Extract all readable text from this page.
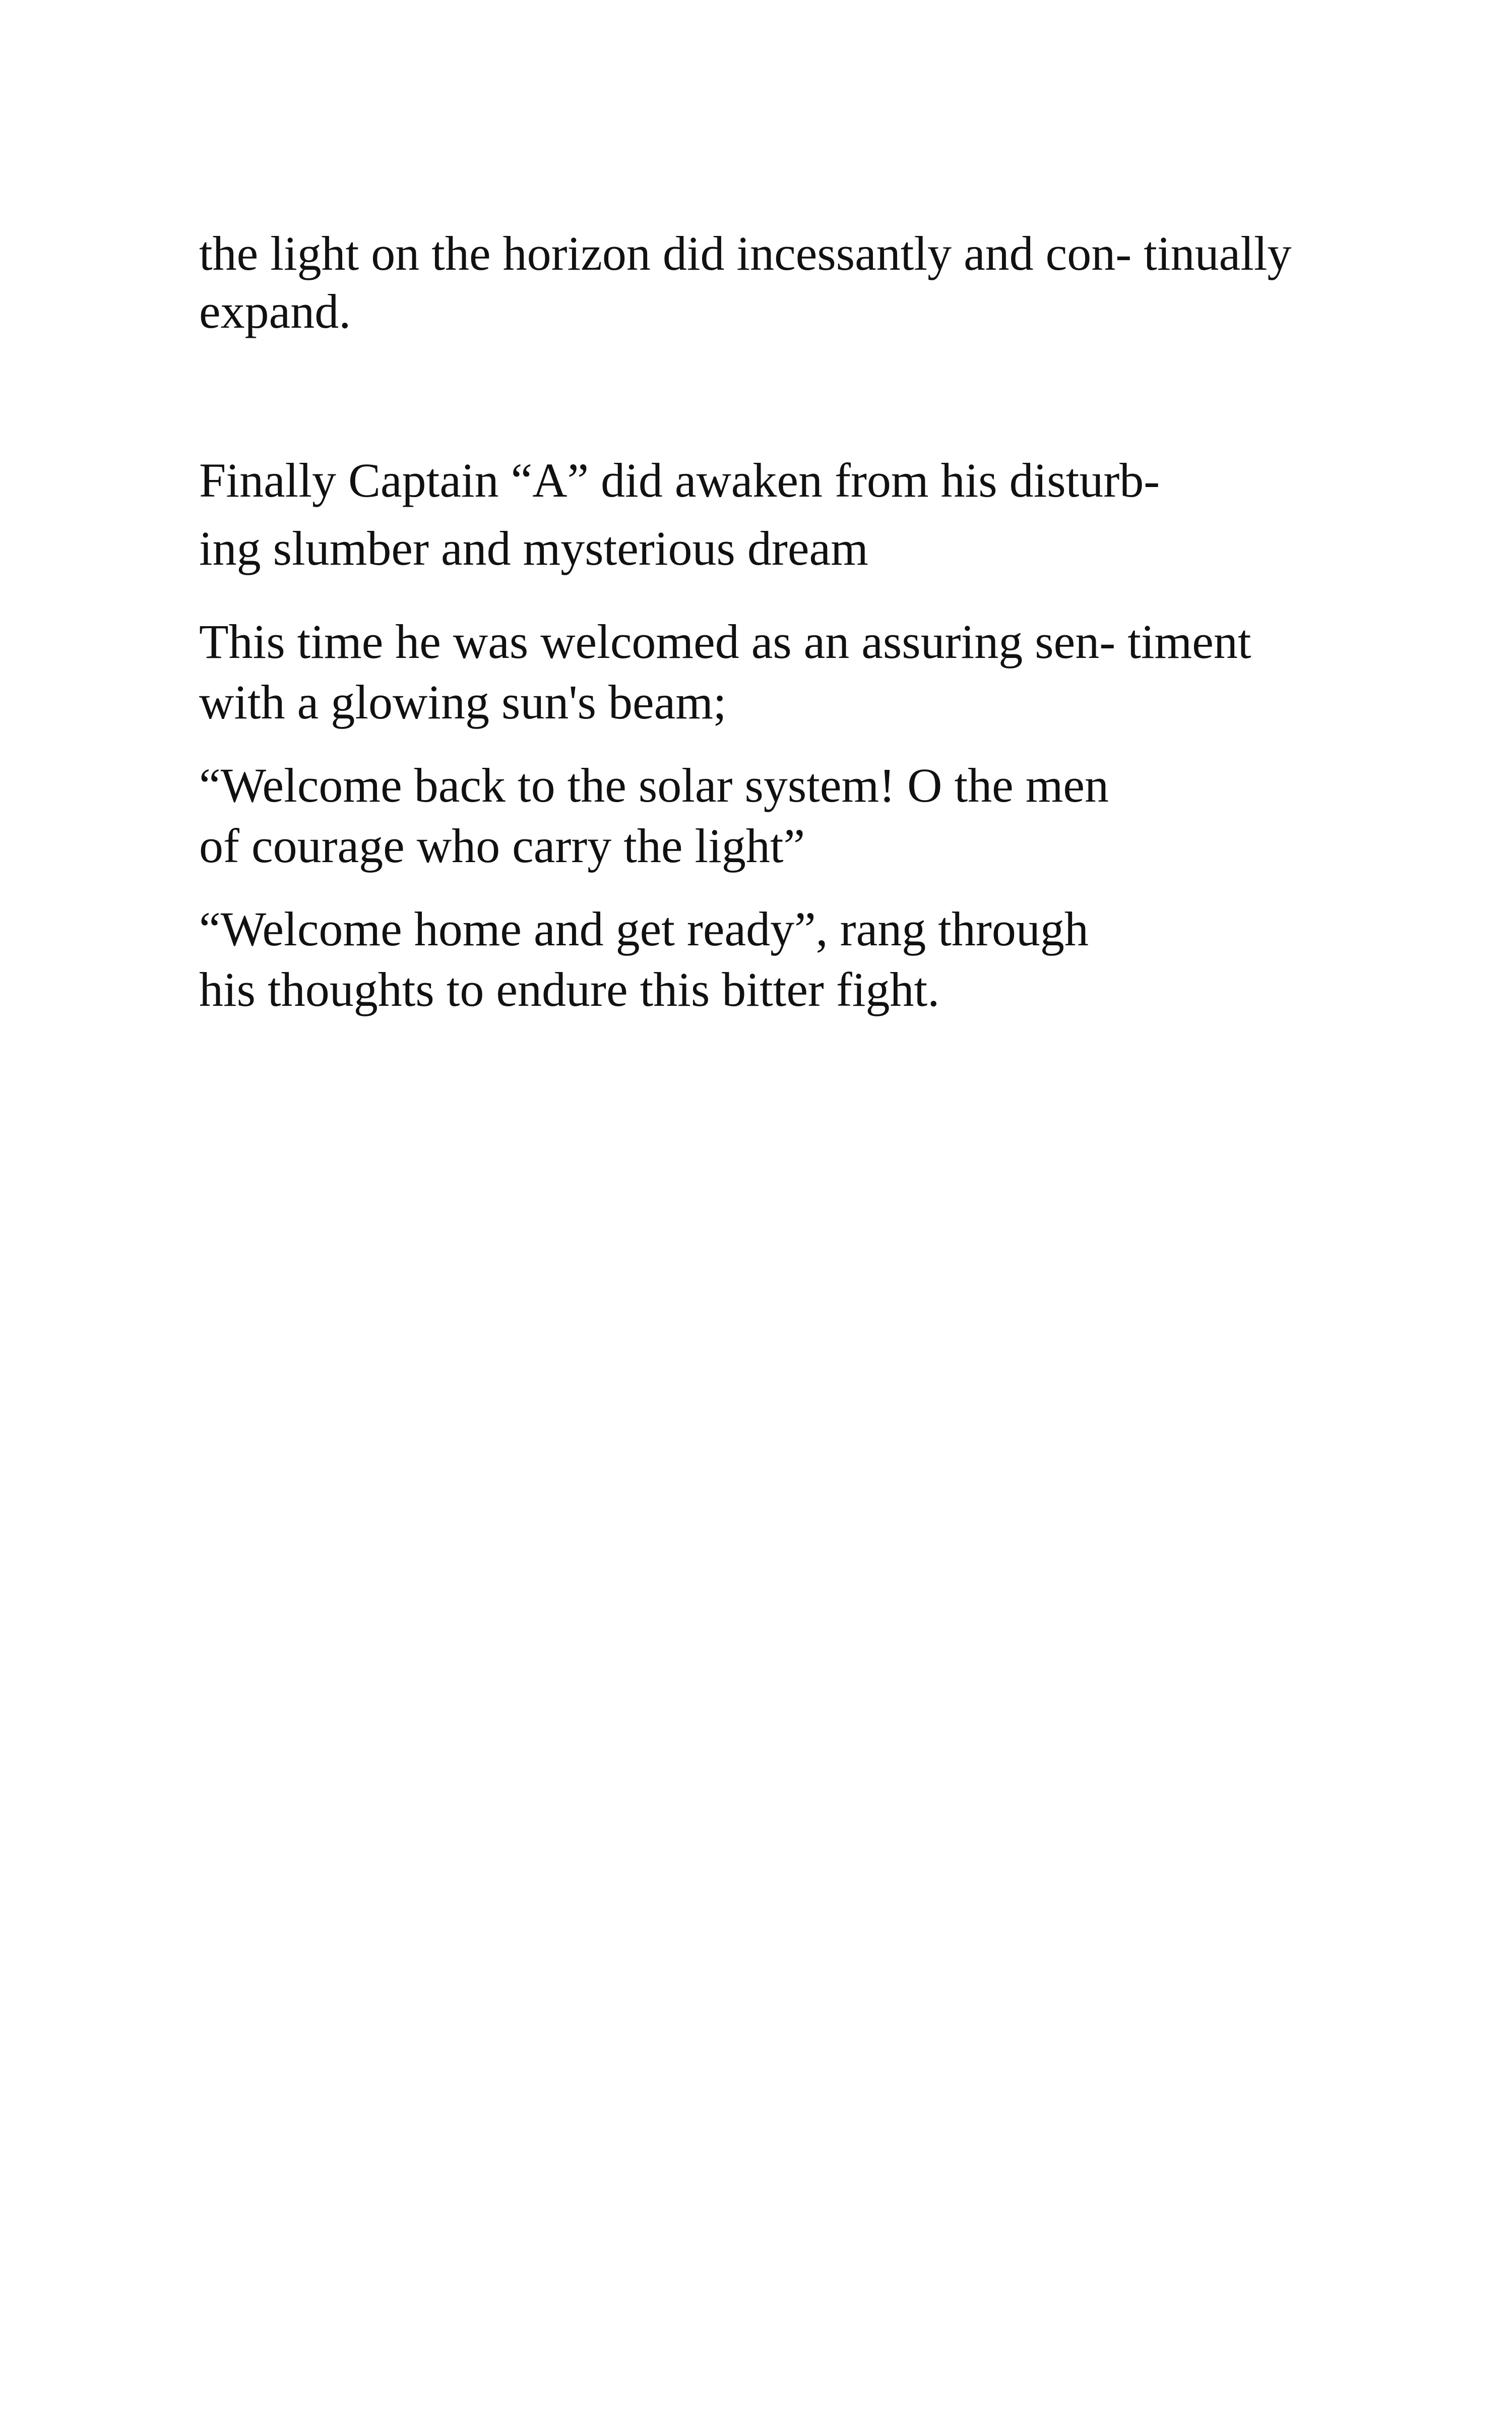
the light on the horizon did incessantly and con- tinually

expand.

Finally Captain “A” did awaken from his disturb-

ing slumber and mysterious dream

This time he was welcomed as an assuring sen- timent

with a glowing sun's beam;

“Welcome back to the solar system! O the men

of courage who carry the light”

“Welcome home and get ready”, rang through

his thoughts to endure this bitter fight.
